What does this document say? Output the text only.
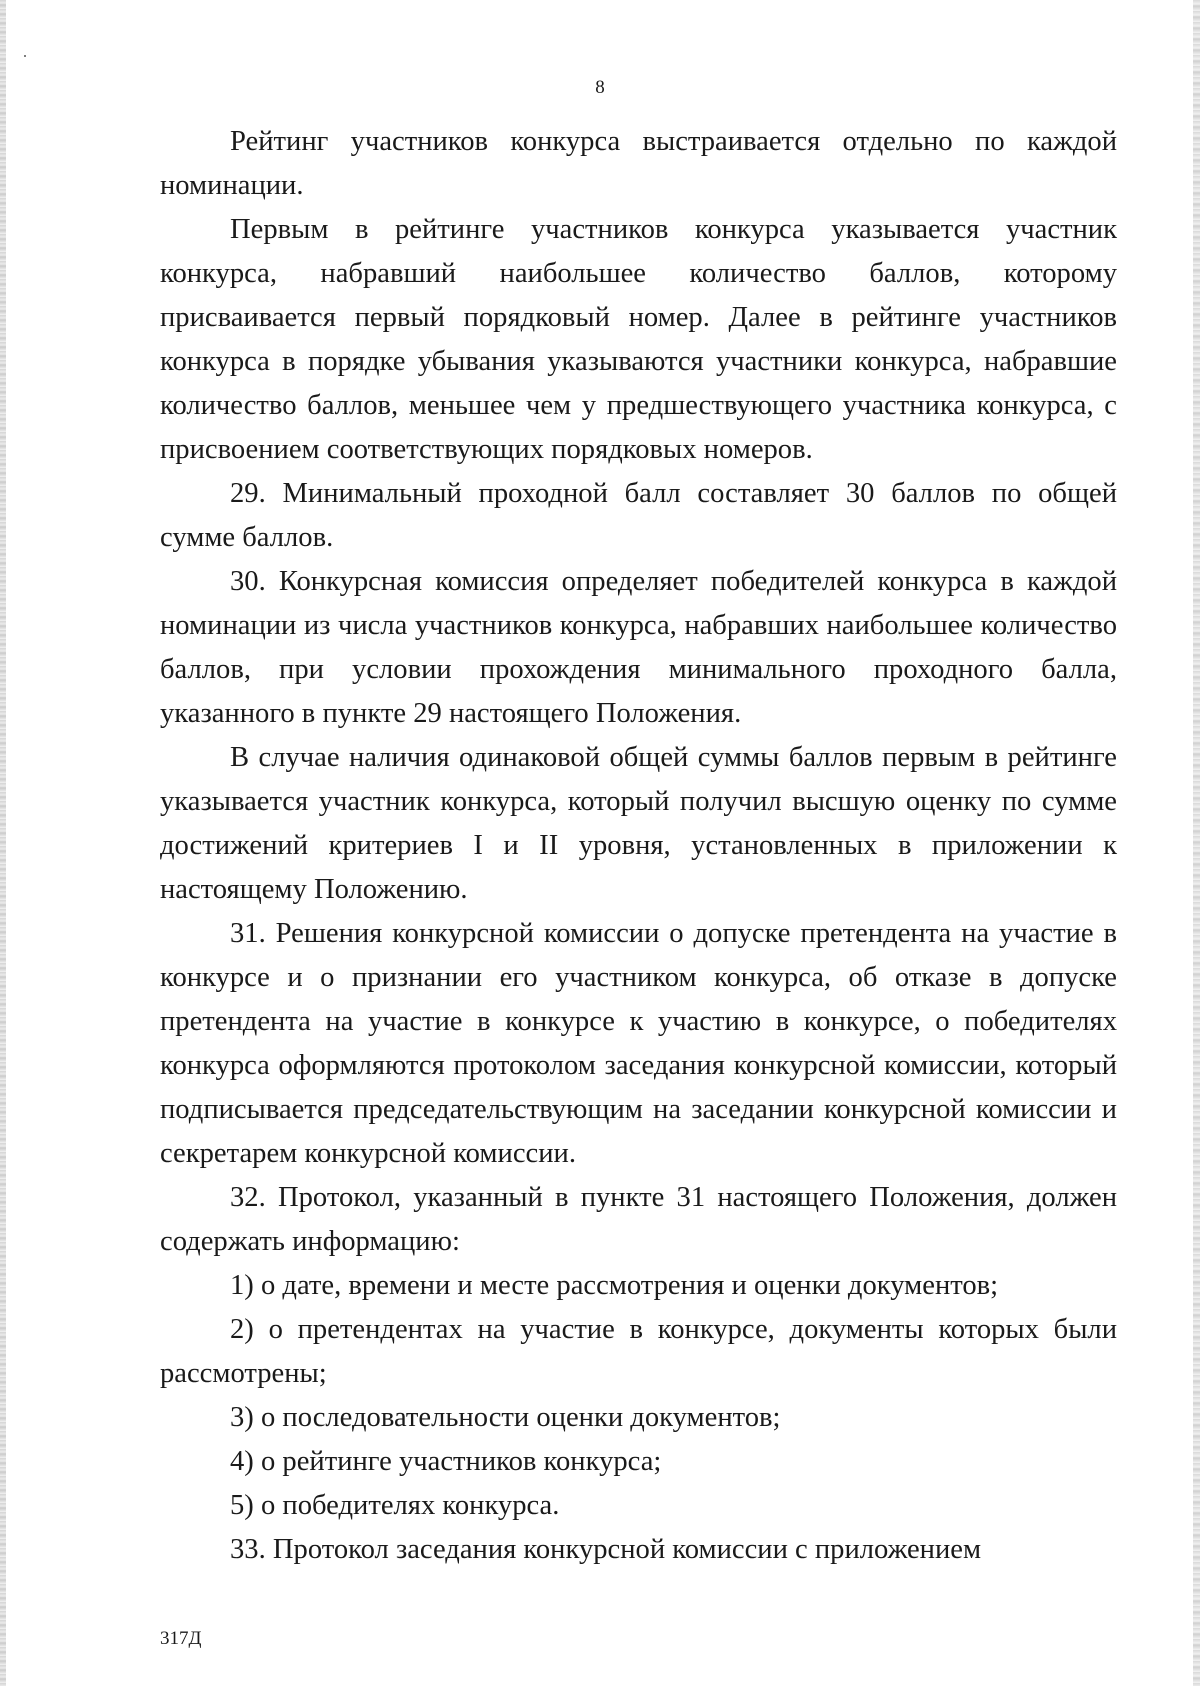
8

Рейтинг участников конкурса выстраивается отдельно по каждой номинации.

Первым в рейтинге участников конкурса указывается участник конкурса, набравший наибольшее количество баллов, которому присваивается первый порядковый номер. Далее в рейтинге участников конкурса в порядке убывания указываются участники конкурса, набравшие количество баллов, меньшее чем у предшествующего участника конкурса, с присвоением соответствующих порядковых номеров.

29. Минимальный проходной балл составляет 30 баллов по общей сумме баллов.

30. Конкурсная комиссия определяет победителей конкурса в каждой номинации из числа участников конкурса, набравших наибольшее количество баллов, при условии прохождения минимального проходного балла, указанного в пункте 29 настоящего Положения.

В случае наличия одинаковой общей суммы баллов первым в рейтинге указывается участник конкурса, который получил высшую оценку по сумме достижений критериев I и II уровня, установленных в приложении к настоящему Положению.

31. Решения конкурсной комиссии о допуске претендента на участие в конкурсе и о признании его участником конкурса, об отказе в допуске претендента на участие в конкурсе к участию в конкурсе, о победителях конкурса оформляются протоколом заседания конкурсной комиссии, который подписывается председательствующим на заседании конкурсной комиссии и секретарем конкурсной комиссии.

32. Протокол, указанный в пункте 31 настоящего Положения, должен содержать информацию:

1) о дате, времени и месте рассмотрения и оценки документов;

2) о претендентах на участие в конкурсе, документы которых были рассмотрены;

3) о последовательности оценки документов;

4) о рейтинге участников конкурса;

5) о победителях конкурса.

33. Протокол заседания конкурсной комиссии с приложением

317Д
